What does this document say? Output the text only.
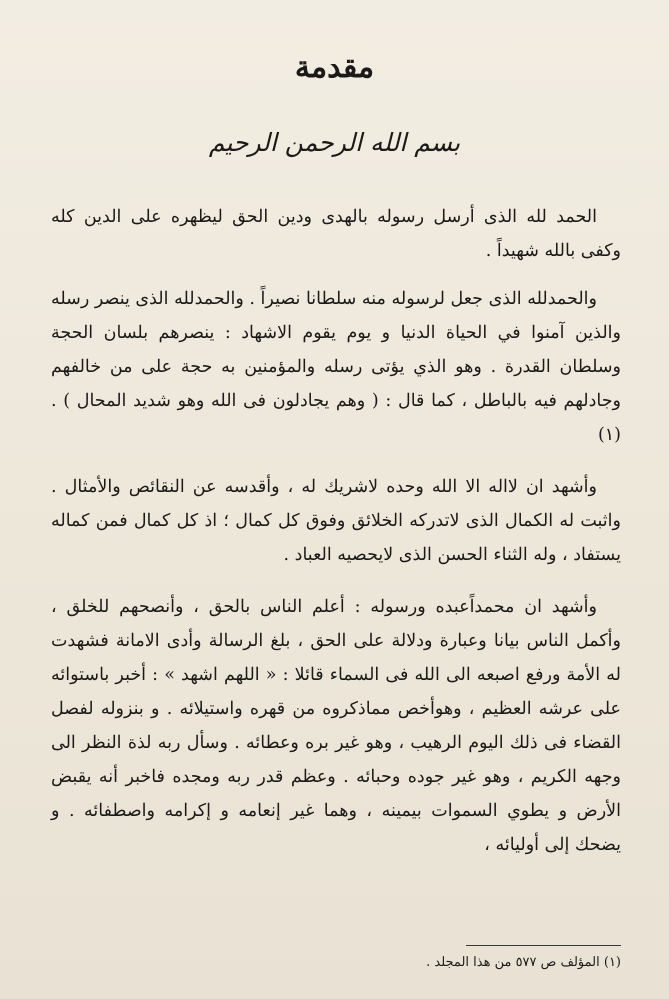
مقدمة
بسم الله الرحمن الرحيم

الحمد لله الذى أرسل رسوله بالهدى ودين الحق ليظهره على الدين كله وكفى بالله شهيداً .

والحمدلله الذى جعل لرسوله منه سلطانا نصيراً . والحمدلله الذى ينصر رسله والذين آمنوا في الحياة الدنيا و يوم يقوم الاشهاد : ينصرهم بلسان الحجة وسلطان القدرة . وهو الذي يؤتى رسله والمؤمنين به حجة على من خالفهم وجادلهم فيه بالباطل ، كما قال : ( وهم يجادلون فى الله وهو شديد المحال ) . (١)

وأشهد ان لااله الا الله وحده لاشريك له ، وأقدسه عن النقائص والأمثال . واثبت له الكمال الذى لاتدركه الخلائق وفوق كل كمال ؛ اذ كل كمال فمن كماله يستفاد ، وله الثناء الحسن الذى لايحصيه العباد .

وأشهد ان محمداًعبده ورسوله : أعلم الناس بالحق ، وأنصحهم للخلق ، وأكمل الناس بيانا وعبارة ودلالة على الحق ، بلغ الرسالة وأدى الامانة فشهدت له الأمة ورفع اصبعه الى الله فى السماء قائلا : « اللهم اشهد » : أخبر باستوائه على عرشه العظيم ، وهوأخص مماذكروه من قهره واستيلائه . و بنزوله لفصل القضاء فى ذلك اليوم الرهيب ، وهو غير بره وعطائه . وسأل ربه لذة النظر الى وجهه الكريم ، وهو غير جوده وحبائه . وعظم قدر ربه ومجده فاخبر أنه يقبض الأرض و يطوي السموات بيمينه ، وهما غير إنعامه و إكرامه واصطفائه . و يضحك إلى أوليائه ،

(١) المؤلف ص ٥٧٧ من هذا المجلد .
